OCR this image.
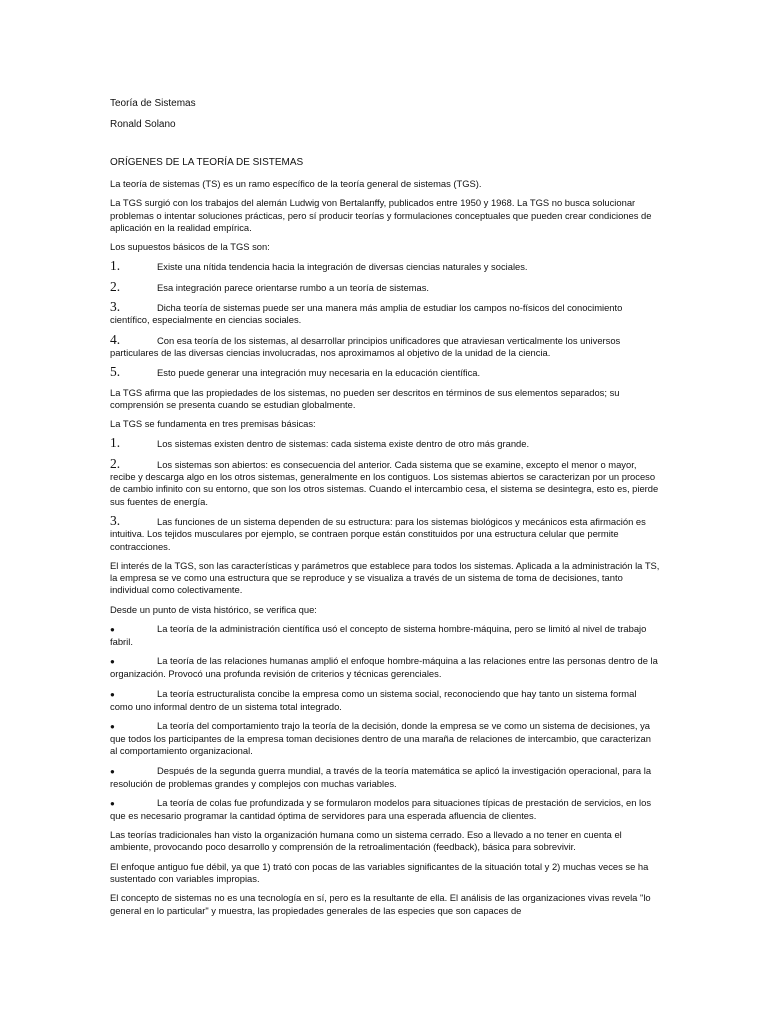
Teoría de Sistemas
Ronald Solano
ORÍGENES DE LA TEORÍA DE SISTEMAS

La teoría de sistemas (TS) es un ramo específico de la teoría general de sistemas (TGS).

La TGS surgió con los trabajos del alemán Ludwig von Bertalanffy, publicados entre 1950 y 1968. La TGS no busca solucionar problemas o intentar soluciones prácticas, pero sí producir teorías y formulaciones conceptuales que pueden crear condiciones de aplicación en la realidad empírica.

Los supuestos básicos de la TGS son:

1.	Existe una nítida tendencia hacia la integración de diversas ciencias naturales y sociales.
2.	Esa integración parece orientarse rumbo a un teoría de sistemas.
3.	Dicha teoría de sistemas puede ser una manera más amplia de estudiar los campos no-físicos del conocimiento científico, especialmente en ciencias sociales.
4.	Con esa teoría de los sistemas, al desarrollar principios unificadores que atraviesan verticalmente los universos particulares de las diversas ciencias involucradas, nos aproximamos al objetivo de la unidad de la ciencia.
5.	Esto puede generar una integración muy necesaria en la educación científica.

La TGS afirma que las propiedades de los sistemas, no pueden ser descritos en términos de sus elementos separados; su comprensión se presenta cuando se estudian globalmente.

La TGS se fundamenta en tres premisas básicas:

1.	Los sistemas existen dentro de sistemas: cada sistema existe dentro de otro más grande.
2.	Los sistemas son abiertos: es consecuencia del anterior. Cada sistema que se examine, excepto el menor o mayor, recibe y descarga algo en los otros sistemas, generalmente en los contiguos. Los sistemas abiertos se caracterizan por un proceso de cambio infinito con su entorno, que son los otros sistemas. Cuando el intercambio cesa, el sistema se desintegra, esto es, pierde sus fuentes de energía.
3.	Las funciones de un sistema dependen de su estructura: para los sistemas biológicos y mecánicos esta afirmación es intuitiva. Los tejidos musculares por ejemplo, se contraen porque están constituidos por una estructura celular que permite contracciones.

El interés de la TGS, son las características y parámetros que establece para todos los sistemas. Aplicada a la administración la TS, la empresa se ve como una estructura que se reproduce y se visualiza a través de un sistema de toma de decisiones, tanto individual como colectivamente.

Desde un punto de vista histórico, se verifica que:

●	La teoría de la administración científica usó el concepto de sistema hombre-máquina, pero se limitó al nivel de trabajo fabril.
●	La teoría de las relaciones humanas amplió el enfoque hombre-máquina a las relaciones entre las personas dentro de la organización. Provocó una profunda revisión de criterios y técnicas gerenciales.
●	La teoría estructuralista concibe la empresa como un sistema social, reconociendo que hay tanto un sistema formal como uno informal dentro de un sistema total integrado.
●	La teoría del comportamiento trajo la teoría de la decisión, donde la empresa se ve como un sistema de decisiones, ya que todos los participantes de la empresa toman decisiones dentro de una maraña de relaciones de intercambio, que caracterizan al comportamiento organizacional.
●	Después de la segunda guerra mundial, a través de la teoría matemática se aplicó la investigación operacional, para la resolución de problemas grandes y complejos con muchas variables.
●	La teoría de colas fue profundizada y se formularon modelos para situaciones típicas de prestación de servicios, en los que es necesario programar la cantidad óptima de servidores para una esperada afluencia de clientes.

Las teorías tradicionales han visto la organización humana como un sistema cerrado. Eso a llevado a no tener en cuenta el ambiente, provocando poco desarrollo y comprensión de la retroalimentación (feedback), básica para sobrevivir.

El enfoque antiguo fue débil, ya que 1) trató con pocas de las variables significantes de la situación total y 2) muchas veces se ha sustentado con variables impropias.

El concepto de sistemas no es una tecnología en sí, pero es la resultante de ella. El análisis de las organizaciones vivas revela "lo general en lo particular" y muestra, las propiedades generales de las especies que son capaces de
